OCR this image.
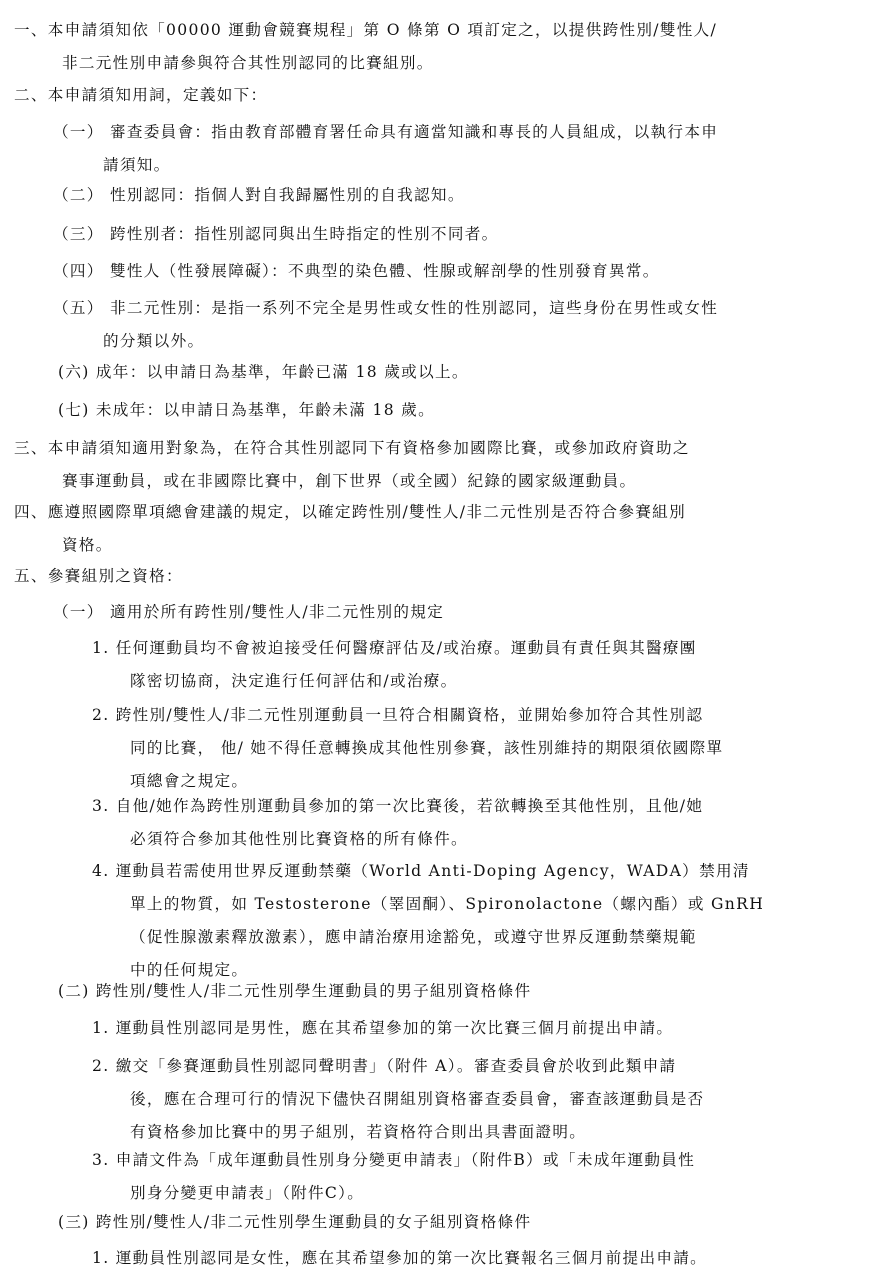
一、本申請須知依「00000 運動會競賽規程」第 O 條第 O 項訂定之，以提供跨性別/雙性人/
非二元性別申請參與符合其性別認同的比賽組別。
二、本申請須知用詞，定義如下：
（一） 審查委員會：指由教育部體育署任命具有適當知識和專長的人員組成，以執行本申
請須知。
（二） 性別認同：指個人對自我歸屬性別的自我認知。
（三） 跨性別者：指性別認同與出生時指定的性別不同者。
（四） 雙性人（性發展障礙）：不典型的染色體、性腺或解剖學的性別發育異常。
（五） 非二元性別：是指一系列不完全是男性或女性的性別認同，這些身份在男性或女性
的分類以外。
(六) 成年：以申請日為基準，年齡已滿 18 歲或以上。
(七) 未成年：以申請日為基準，年齡未滿 18 歲。
三、本申請須知適用對象為，在符合其性別認同下有資格參加國際比賽，或參加政府資助之
賽事運動員，或在非國際比賽中，創下世界（或全國）紀錄的國家級運動員。
四、應遵照國際單項總會建議的規定，以確定跨性別/雙性人/非二元性別是否符合參賽組別
資格。
五、參賽組別之資格：
（一） 適用於所有跨性別/雙性人/非二元性別的規定
1. 任何運動員均不會被迫接受任何醫療評估及/或治療。運動員有責任與其醫療團
隊密切協商，決定進行任何評估和/或治療。
2. 跨性別/雙性人/非二元性別運動員一旦符合相關資格，並開始參加符合其性別認
同的比賽， 他/ 她不得任意轉換成其他性別參賽，該性別維持的期限須依國際單
項總會之規定。
3. 自他/她作為跨性別運動員參加的第一次比賽後，若欲轉換至其他性別，且他/她
必須符合參加其他性別比賽資格的所有條件。
4. 運動員若需使用世界反運動禁藥（World Anti-Doping Agency，WADA）禁用清
單上的物質，如 Testosterone（睪固酮）、Spironolactone（螺內酯）或 GnRH
（促性腺激素釋放激素），應申請治療用途豁免，或遵守世界反運動禁藥規範
中的任何規定。
(二) 跨性別/雙性人/非二元性別學生運動員的男子組別資格條件
1. 運動員性別認同是男性，應在其希望參加的第一次比賽三個月前提出申請。
2. 繳交「參賽運動員性別認同聲明書」（附件 A）。審查委員會於收到此類申請
後，應在合理可行的情況下儘快召開組別資格審查委員會，審查該運動員是否
有資格參加比賽中的男子組別，若資格符合則出具書面證明。
3. 申請文件為「成年運動員性別身分變更申請表」（附件B）或「未成年運動員性
別身分變更申請表」（附件C）。
(三) 跨性別/雙性人/非二元性別學生運動員的女子組別資格條件
1. 運動員性別認同是女性，應在其希望參加的第一次比賽報名三個月前提出申請。
